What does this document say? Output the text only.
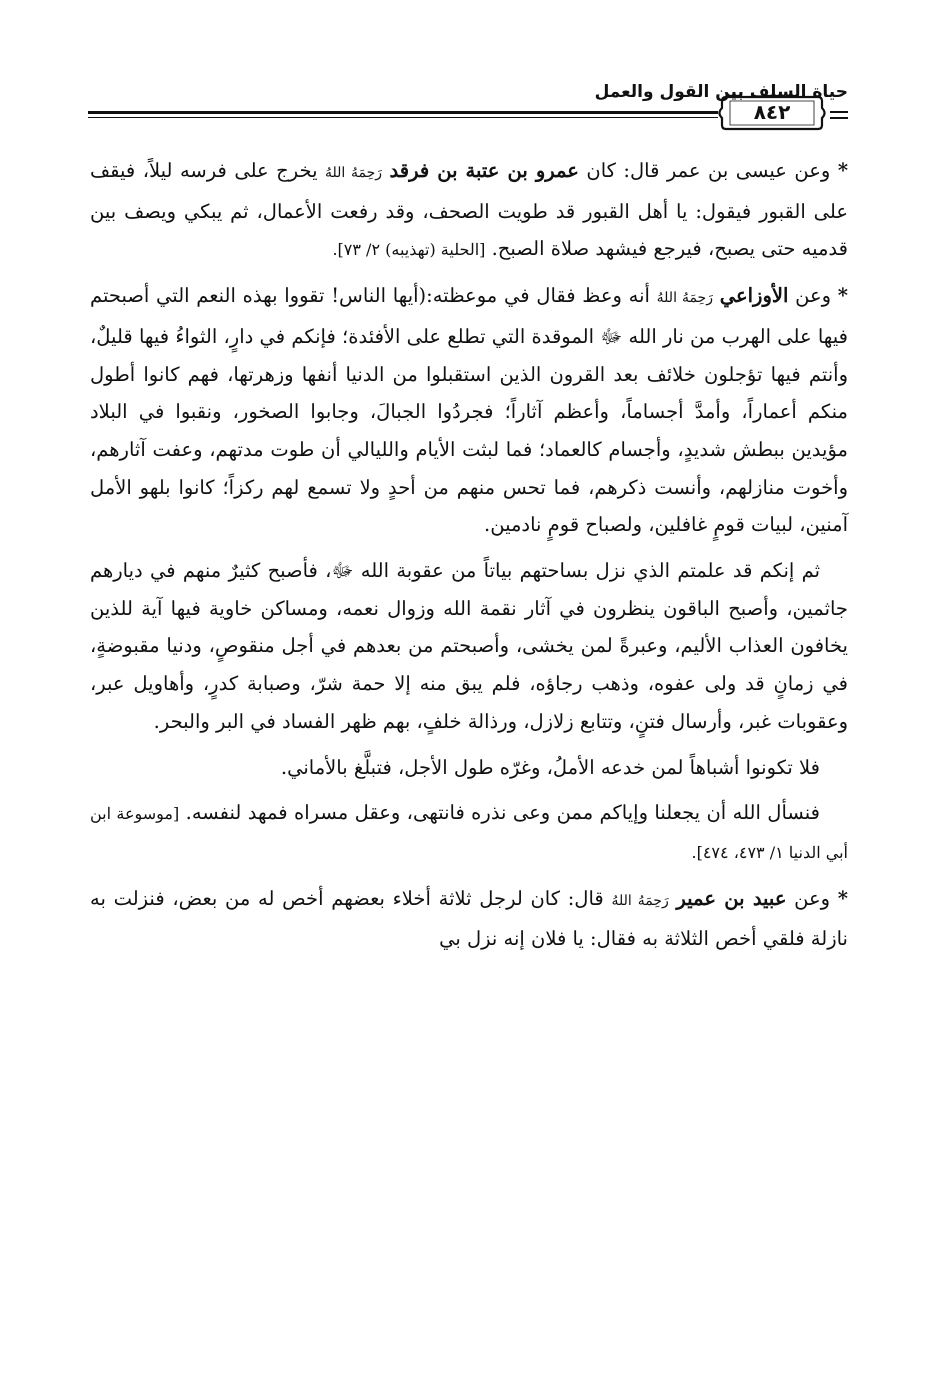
حياة السلف بين القول والعمل
٨٤٢

* وعن عيسى بن عمر قال: كان عمرو بن عتبة بن فرقد رَحِمَهُ اللهُ يخرج على فرسه ليلاً، فيقف على القبور فيقول: يا أهل القبور قد طويت الصحف، وقد رفعت الأعمال، ثم يبكي ويصف بين قدميه حتى يصبح، فيرجع فيشهد صلاة الصبح. [الحلية (تهذيبه) ٢/ ٧٣].

* وعن الأوزاعي رَحِمَهُ اللهُ أنه وعظ فقال في موعظته:(أيها الناس! تقووا بهذه النعم التي أصبحتم فيها على الهرب من نار الله ﷻ الموقدة التي تطلع على الأفئدة؛ فإنكم في دارٍ، الثواءُ فيها قليلٌ، وأنتم فيها تؤجلون خلائف بعد القرون الذين استقبلوا من الدنيا أنفها وزهرتها، فهم كانوا أطول منكم أعماراً، وأمدَّ أجساماً، وأعظم آثاراً؛ فجردُوا الجبالَ، وجابوا الصخور، ونقبوا في البلاد مؤيدين ببطش شديدٍ، وأجسام كالعماد؛ فما لبثت الأيام والليالي أن طوت مدتهم، وعفت آثارهم، وأخوت منازلهم، وأنست ذكرهم، فما تحس منهم من أحدٍ ولا تسمع لهم ركزاً؛ كانوا بلهو الأمل آمنين، لبيات قومٍ غافلين، ولصباح قومٍ نادمين.

ثم إنكم قد علمتم الذي نزل بساحتهم بياتاً من عقوبة الله ﷻ، فأصبح كثيرٌ منهم في ديارهم جاثمين، وأصبح الباقون ينظرون في آثار نقمة الله وزوال نعمه، ومساكن خاوية فيها آية للذين يخافون العذاب الأليم، وعبرةً لمن يخشى، وأصبحتم من بعدهم في أجل منقوصٍ، ودنيا مقبوضةٍ، في زمانٍ قد ولى عفوه، وذهب رجاؤه، فلم يبق منه إلا حمة شرّ، وصبابة كدرٍ، وأهاويل عبر، وعقوبات غبر، وأرسال فتنٍ، وتتابع زلازل، ورذالة خلفٍ، بهم ظهر الفساد في البر والبحر.

فلا تكونوا أشباهاً لمن خدعه الأملُ، وغرّه طول الأجل، فتبلَّغ بالأماني.

فنسأل الله أن يجعلنا وإياكم ممن وعى نذره فانتهى، وعقل مسراه فمهد لنفسه. [موسوعة ابن أبي الدنيا ١/ ٤٧٣، ٤٧٤].

* وعن عبيد بن عمير رَحِمَهُ اللهُ قال: كان لرجل ثلاثة أخلاء بعضهم أخص له من بعض، فنزلت به نازلة فلقي أخص الثلاثة به فقال: يا فلان إنه نزل بي
